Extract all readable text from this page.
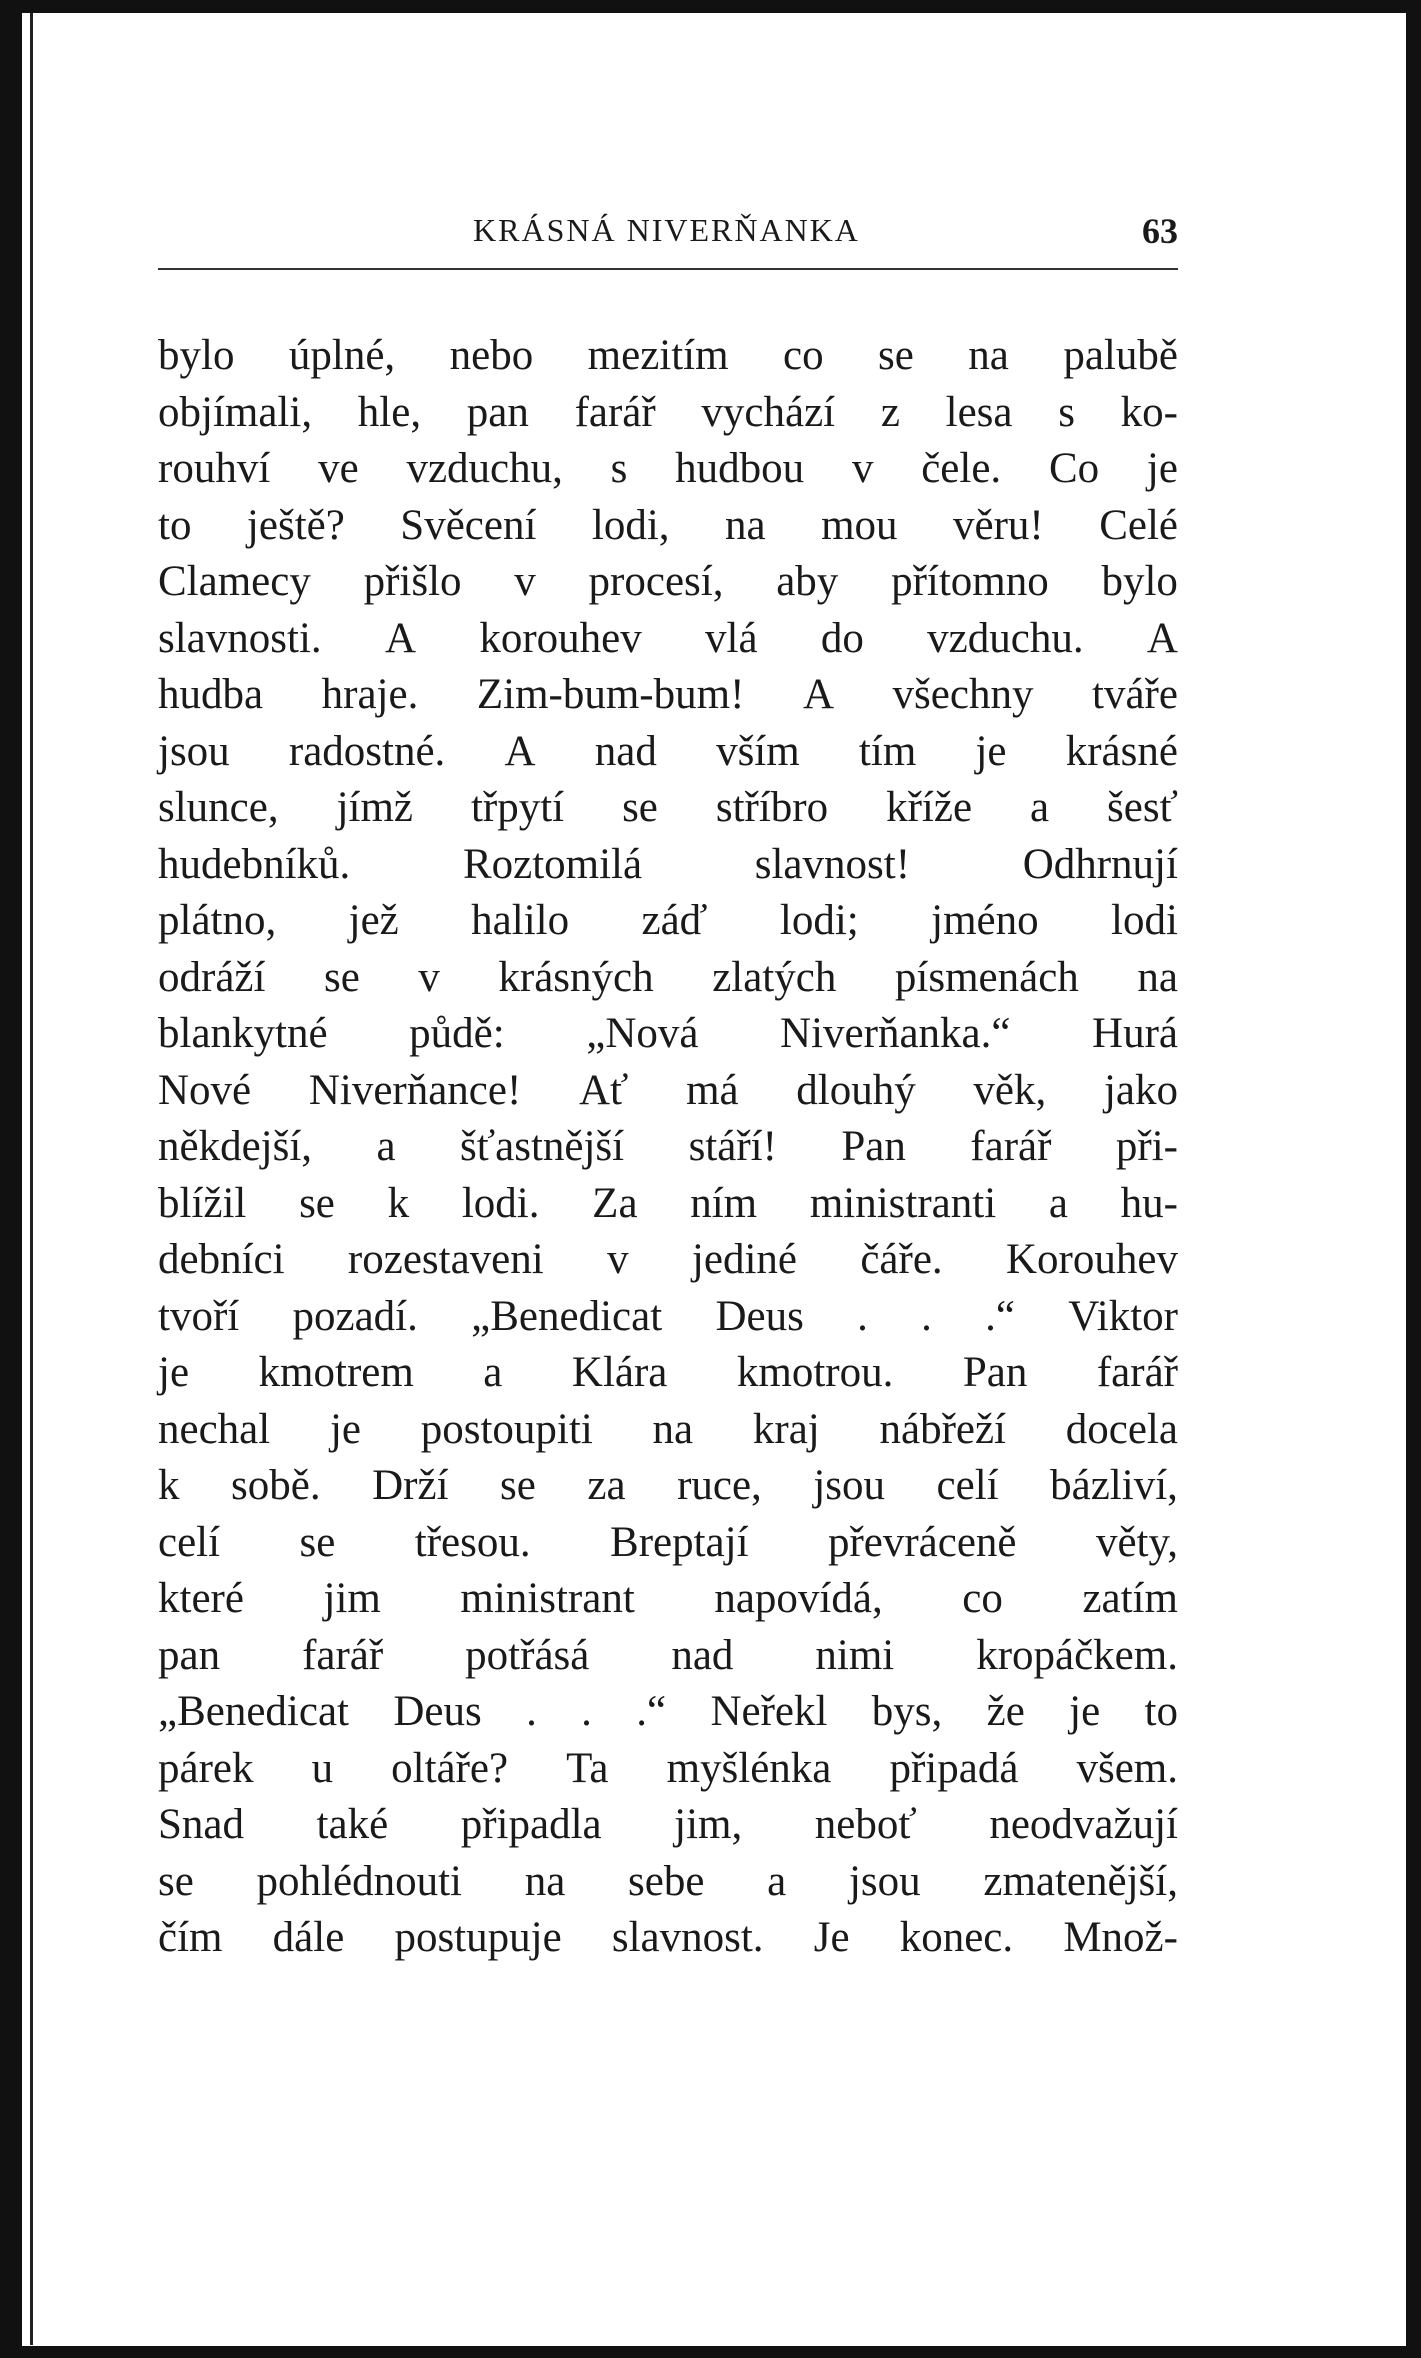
KRÁSNÁ NIVERŇANKA	63
bylo úplné, nebo mezitím co se na palubě
objímali, hle, pan farář vychází z lesa s ko-
rouhví ve vzduchu, s hudbou v čele. Co je
to ještě? Svěcení lodi, na mou věru! Celé
Clamecy přišlo v procesí, aby přítomno bylo
slavnosti. A korouhev vlá do vzduchu. A
hudba hraje. Zim-bum-bum! A všechny tváře
jsou radostné. A nad vším tím je krásné
slunce, jímž třpytí se stříbro kříže a šesť
hudebníků.	Roztomilá	slavnost!	Odhrnují
plátno, jež halilo záď lodi; jméno lodi
odráží se v krásných zlatých písmenách na
blankytné půdě: „Nová Niverňanka.“ Hurá
Nové Niverňance! Ať má dlouhý věk, jako
někdejší, a šťastnější stáří! Pan farář při-
blížil se k lodi. Za ním ministranti a hu-
debníci rozestaveni v jediné čáře. Korouhev
tvoří pozadí. „Benedicat Deus . . .“ Viktor
je kmotrem a Klára kmotrou. Pan farář
nechal je postoupiti na kraj nábřeží docela
k sobě. Drží se za ruce, jsou celí bázliví,
celí se třesou. Breptají převráceně věty,
které jim ministrant napovídá, co zatím
pan farář potřásá nad nimi kropáčkem.
„Benedicat Deus . . .“ Neřekl bys, že je to
párek u oltáře? Ta myšlénka připadá všem.
Snad také připadla jim, neboť neodvažují
se pohlédnouti na sebe a jsou zmatenější,
čím dále postupuje slavnost. Je konec. Množ-
